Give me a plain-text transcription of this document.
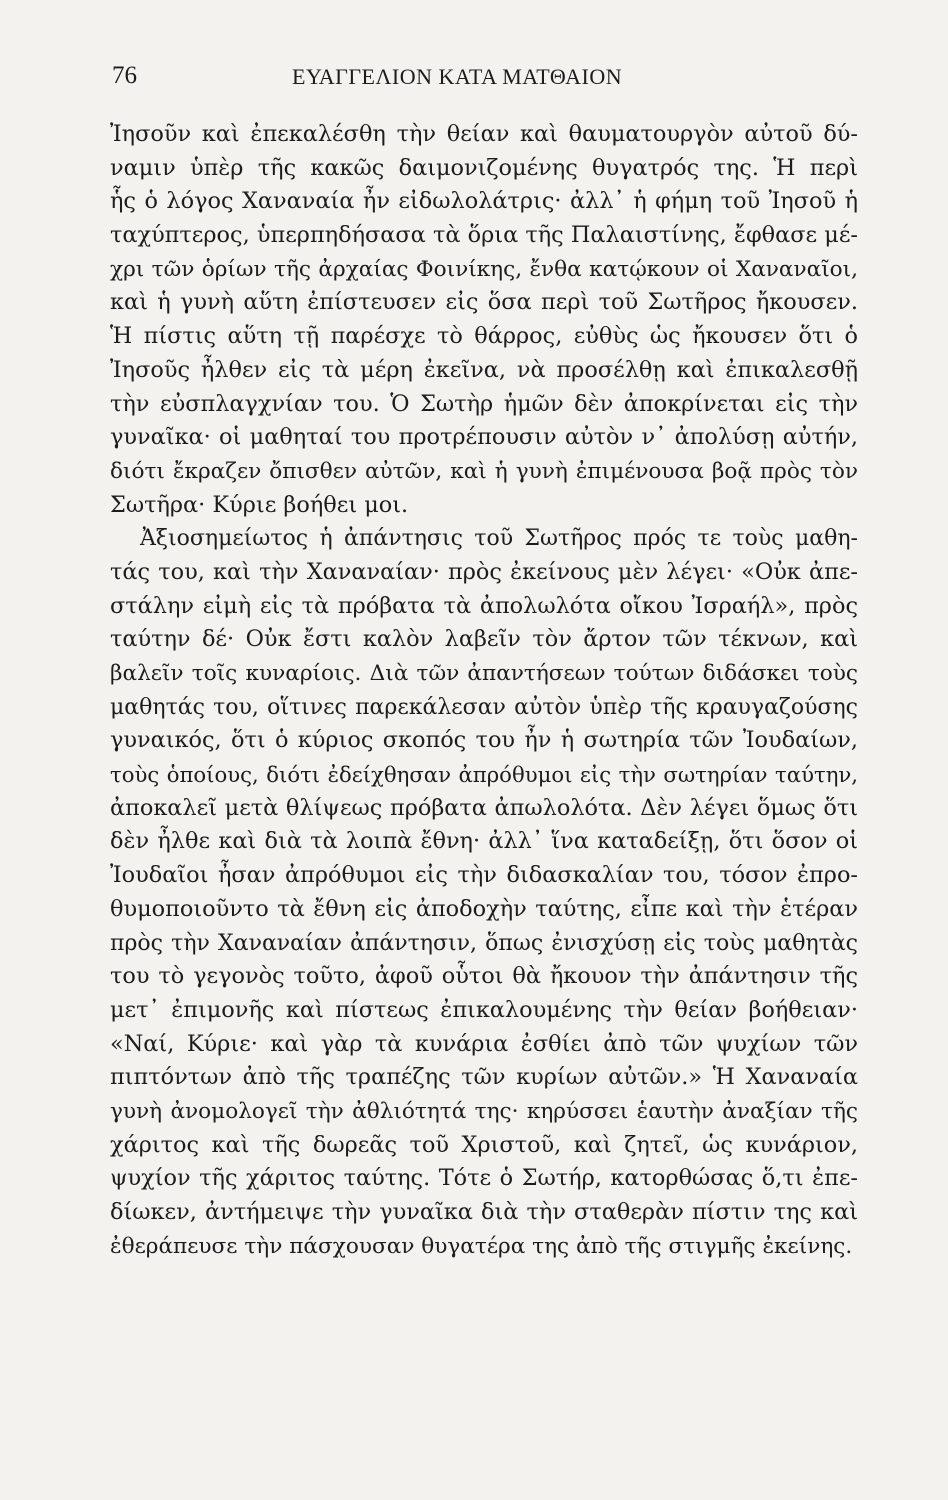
76	ΕΥΑΓΓΕΛΙΟΝ ΚΑΤΑ ΜΑΤΘΑΙΟΝ
Ἰησοῦν καὶ ἐπεκαλέσθη τὴν θείαν καὶ θαυματουργὸν αὐτοῦ δύ-
ναμιν ὑπὲρ τῆς κακῶς δαιμονιζομένης θυγατρός της. Ἡ περὶ
ἧς ὁ λόγος Χαναναία ἦν εἰδωλολάτρις· ἀλλ᾽ ἡ φήμη τοῦ Ἰησοῦ ἡ
ταχύπτερος, ὑπερπηδήσασα τὰ ὅρια τῆς Παλαιστίνης, ἔφθασε μέ-
χρι τῶν ὁρίων τῆς ἀρχαίας Φοινίκης, ἔνθα κατῴκουν οἱ Χαναναῖοι,
καὶ ἡ γυνὴ αὕτη ἐπίστευσεν εἰς ὅσα περὶ τοῦ Σωτῆρος ἤκουσεν.
Ἡ πίστις αὕτη τῇ παρέσχε τὸ θάρρος, εὐθὺς ὡς ἤκουσεν ὅτι ὁ
Ἰησοῦς ἦλθεν εἰς τὰ μέρη ἐκεῖνα, νὰ προσέλθῃ καὶ ἐπικαλεσθῇ
τὴν εὐσπλαγχνίαν του. Ὁ Σωτὴρ ἡμῶν δὲν ἀποκρίνεται εἰς τὴν
γυναῖκα· οἱ μαθηταί του προτρέπουσιν αὐτὸν ν᾽ ἀπολύσῃ αὐτήν,
διότι ἔκραζεν ὄπισθεν αὐτῶν, καὶ ἡ γυνὴ ἐπιμένουσα βοᾷ πρὸς τὸν
Σωτῆρα· Κύριε βοήθει μοι.
Ἀξιοσημείωτος ἡ ἀπάντησις τοῦ Σωτῆρος πρός τε τοὺς μαθη-
τάς του, καὶ τὴν Χαναναίαν· πρὸς ἐκείνους μὲν λέγει· «Οὐκ ἀπε-
στάλην εἰμὴ εἰς τὰ πρόβατα τὰ ἀπολωλότα οἴκου Ἰσραήλ», πρὸς
ταύτην δέ· Οὐκ ἔστι καλὸν λαβεῖν τὸν ἄρτον τῶν τέκνων, καὶ
βαλεῖν τοῖς κυναρίοις. Διὰ τῶν ἀπαντήσεων τούτων διδάσκει τοὺς
μαθητάς του, οἵτινες παρεκάλεσαν αὐτὸν ὑπὲρ τῆς κραυγαζούσης
γυναικός, ὅτι ὁ κύριος σκοπός του ἦν ἡ σωτηρία τῶν Ἰουδαίων,
τοὺς ὁποίους, διότι ἐδείχθησαν ἀπρόθυμοι εἰς τὴν σωτηρίαν ταύτην,
ἀποκαλεῖ μετὰ θλίψεως πρόβατα ἀπωλολότα. Δὲν λέγει ὅμως ὅτι
δὲν ἦλθε καὶ διὰ τὰ λοιπὰ ἔθνη· ἀλλ᾽ ἵνα καταδείξῃ, ὅτι ὅσον οἱ
Ἰουδαῖοι ἦσαν ἀπρόθυμοι εἰς τὴν διδασκαλίαν του, τόσον ἐπρο-
θυμοποιοῦντο τὰ ἔθνη εἰς ἀποδοχὴν ταύτης, εἶπε καὶ τὴν ἑτέραν
πρὸς τὴν Χαναναίαν ἀπάντησιν, ὅπως ἐνισχύσῃ εἰς τοὺς μαθητὰς
του τὸ γεγονὸς τοῦτο, ἀφοῦ οὗτοι θὰ ἤκουον τὴν ἀπάντησιν τῆς
μετ᾽ ἐπιμονῆς καὶ πίστεως ἐπικαλουμένης τὴν θείαν βοήθειαν·
«Ναί, Κύριε· καὶ γὰρ τὰ κυνάρια ἐσθίει ἀπὸ τῶν ψυχίων τῶν
πιπτόντων ἀπὸ τῆς τραπέζης τῶν κυρίων αὐτῶν.» Ἡ Χαναναία
γυνὴ ἀνομολογεῖ τὴν ἀθλιότητά της· κηρύσσει ἑαυτὴν ἀναξίαν τῆς
χάριτος καὶ τῆς δωρεᾶς τοῦ Χριστοῦ, καὶ ζητεῖ, ὡς κυνάριον,
ψυχίον τῆς χάριτος ταύτης. Τότε ὁ Σωτήρ, κατορθώσας ὅ,τι ἐπε-
δίωκεν, ἀντήμειψε τὴν γυναῖκα διὰ τὴν σταθερὰν πίστιν της καὶ
ἐθεράπευσε τὴν πάσχουσαν θυγατέρα της ἀπὸ τῆς στιγμῆς ἐκείνης.
